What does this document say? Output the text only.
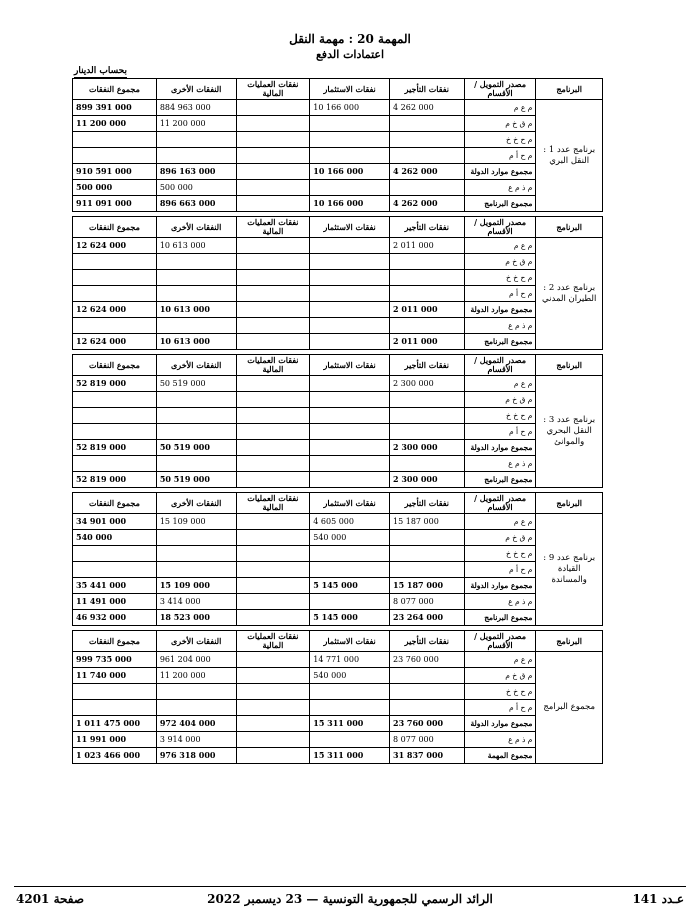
المهمة 20 : مهمة النقل
اعتمادات الدفع
بحساب الدينار
البرنامج	مصدر التمويل / الأقسام	نفقات التأجير	نفقات الاستثمار	نفقات العمليات المالية	النفقات الأخرى	مجموع النفقات
برنامج عدد 1 : النقل البري	م ع م	4 262 000	10 166 000		884 963 000	899 391 000
	م ق خ م				11 200 000	11 200 000
	م ح خ خ					
	م ح أ م					
	مجموع موارد الدولة	4 262 000	10 166 000		896 163 000	910 591 000
	م ذ م ع				500 000	500 000
	مجموع البرنامج	4 262 000	10 166 000		896 663 000	911 091 000
البرنامج	مصدر التمويل / الأقسام	نفقات التأجير	نفقات الاستثمار	نفقات العمليات المالية	النفقات الأخرى	مجموع النفقات
برنامج عدد 2 : الطيران المدني	م ع م	2 011 000			10 613 000	12 624 000
	م ق خ م					
	م ح خ خ					
	م ح أ م					
	مجموع موارد الدولة	2 011 000			10 613 000	12 624 000
	م ذ م ع					
	مجموع البرنامج	2 011 000			10 613 000	12 624 000
البرنامج	مصدر التمويل / الأقسام	نفقات التأجير	نفقات الاستثمار	نفقات العمليات المالية	النفقات الأخرى	مجموع النفقات
برنامج عدد 3 : النقل البحري والموانئ	م ع م	2 300 000			50 519 000	52 819 000
	م ق خ م					
	م ح خ خ					
	م ح أ م					
	مجموع موارد الدولة	2 300 000			50 519 000	52 819 000
	م ذ م ع					
	مجموع البرنامج	2 300 000			50 519 000	52 819 000
البرنامج	مصدر التمويل / الأقسام	نفقات التأجير	نفقات الاستثمار	نفقات العمليات المالية	النفقات الأخرى	مجموع النفقات
برنامج عدد 9 : القيادة والمساندة	م ع م	15 187 000	4 605 000		15 109 000	34 901 000
	م ق خ م		540 000			540 000
	م ح خ خ					
	م ح أ م					
	مجموع موارد الدولة	15 187 000	5 145 000		15 109 000	35 441 000
	م ذ م ع	8 077 000			3 414 000	11 491 000
	مجموع البرنامج	23 264 000	5 145 000		18 523 000	46 932 000
البرنامج	مصدر التمويل / الأقسام	نفقات التأجير	نفقات الاستثمار	نفقات العمليات المالية	النفقات الأخرى	مجموع النفقات
مجموع البرامج	م ع م	23 760 000	14 771 000		961 204 000	999 735 000
	م ق خ م		540 000		11 200 000	11 740 000
	م ح خ خ					
	م ح أ م					
	مجموع موارد الدولة	23 760 000	15 311 000		972 404 000	1 011 475 000
	م ذ م ع	8 077 000			3 914 000	11 991 000
	مجموع المهمة	31 837 000	15 311 000		976 318 000	1 023 466 000
صفحة 4201	الرائد الرسمي للجمهورية التونسية — 23 ديسمبر 2022	عـدد 141
